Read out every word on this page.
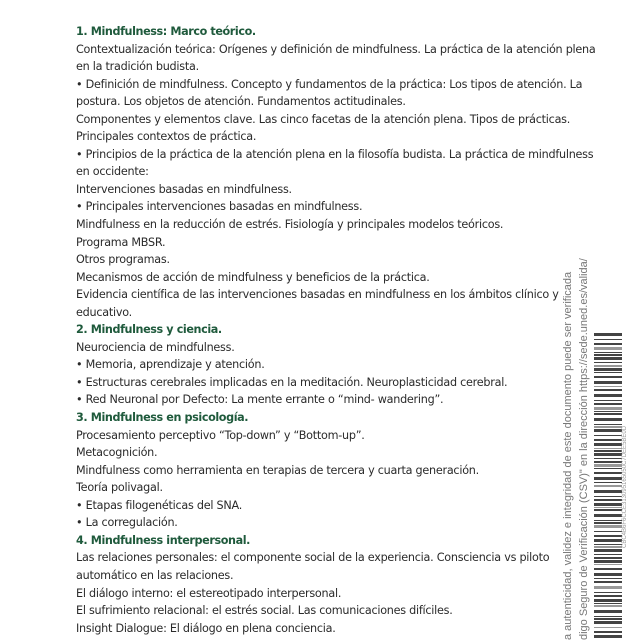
1. Mindfulness: Marco teórico.
Contextualización teórica: Orígenes y definición de mindfulness. La práctica de la atención plena
en la tradición budista.
• Definición de mindfulness. Concepto y fundamentos de la práctica: Los tipos de atención. La
postura. Los objetos de atención. Fundamentos actitudinales.
Componentes y elementos clave. Las cinco facetas de la atención plena. Tipos de prácticas.
Principales contextos de práctica.
• Principios de la práctica de la atención plena en la filosofía budista. La práctica de mindfulness
en occidente:
Intervenciones basadas en mindfulness.
• Principales intervenciones basadas en mindfulness.
Mindfulness en la reducción de estrés. Fisiología y principales modelos teóricos.
Programa MBSR.
Otros programas.
Mecanismos de acción de mindfulness y beneficios de la práctica.
Evidencia científica de las intervenciones basadas en mindfulness en los ámbitos clínico y
educativo.
2. Mindfulness y ciencia.
Neurociencia de mindfulness.
• Memoria, aprendizaje y atención.
• Estructuras cerebrales implicadas en la meditación. Neuroplasticidad cerebral.
• Red Neuronal por Defecto: La mente errante o “mind- wandering”.
3. Mindfulness en psicología.
Procesamiento perceptivo “Top-down” y “Bottom-up”.
Metacognición.
Mindfulness como herramienta en terapias de tercera y cuarta generación.
Teoría polivagal.
• Etapas filogenéticas del SNA.
• La corregulación.
4. Mindfulness interpersonal.
Las relaciones personales: el componente social de la experiencia. Consciencia vs piloto
automático en las relaciones.
El diálogo interno: el estereotipado interpersonal.
El sufrimiento relacional: el estrés social. Las comunicaciones difíciles.
Insight Dialogue: El diálogo en plena conciencia.	a autenticidad, validez e integridad de este documento puede ser verificada digo Seguro de Verificación (CSV)" en la dirección https://sede.uned.es/valida/	CBC4B6F6CCE313095165050C7DEE5BE0D
